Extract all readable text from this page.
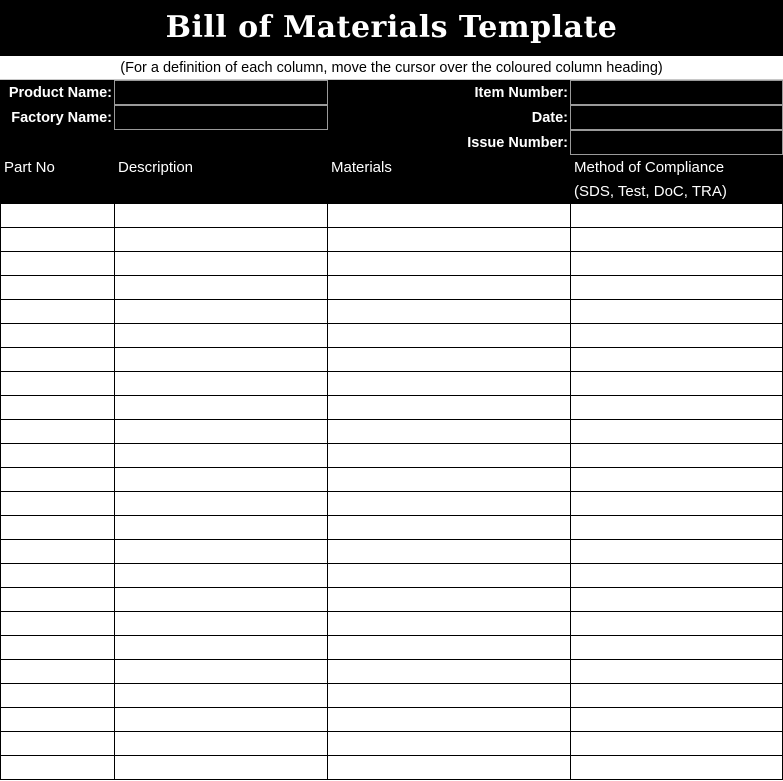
Bill of Materials Template
(For a definition of each column, move the cursor over the coloured column heading)
Product Name:
Factory Name:
Item Number:
Date:
Issue Number:
Part No	Description	Materials	Method of Compliance
(SDS, Test, DoC, TRA)
